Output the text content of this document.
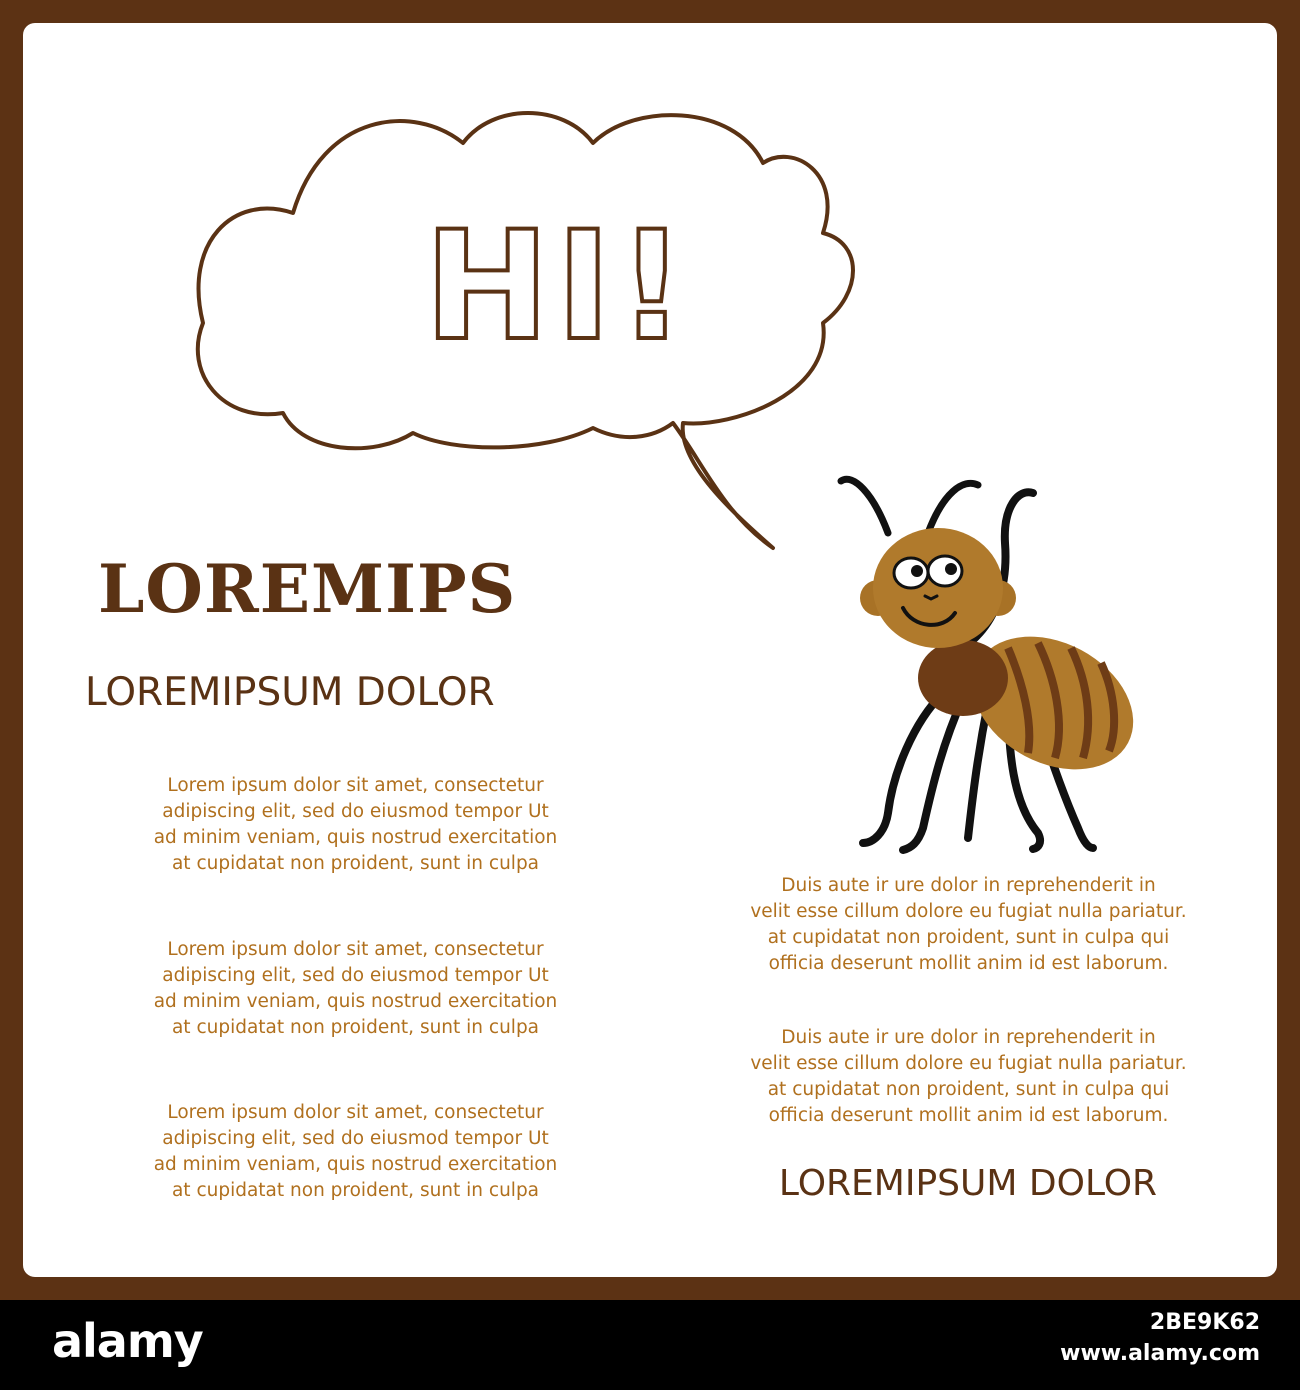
HI!
LOREMIPS
LOREMIPSUM DOLOR
Lorem ipsum dolor sit amet, consectetur
adipiscing elit, sed do eiusmod tempor Ut
ad minim veniam, quis nostrud exercitation
at cupidatat non proident, sunt in culpa
Lorem ipsum dolor sit amet, consectetur
adipiscing elit, sed do eiusmod tempor Ut
ad minim veniam, quis nostrud exercitation
at cupidatat non proident, sunt in culpa
Lorem ipsum dolor sit amet, consectetur
adipiscing elit, sed do eiusmod tempor Ut
ad minim veniam, quis nostrud exercitation
at cupidatat non proident, sunt in culpa
Duis aute ir ure dolor in reprehenderit in
velit esse cillum dolore eu fugiat nulla pariatur.
at cupidatat non proident, sunt in culpa qui
officia deserunt mollit anim id est laborum.
Duis aute ir ure dolor in reprehenderit in
velit esse cillum dolore eu fugiat nulla pariatur.
at cupidatat non proident, sunt in culpa qui
officia deserunt mollit anim id est laborum.
LOREMIPSUM DOLOR
alamy	2BE9K62
www.alamy.com
